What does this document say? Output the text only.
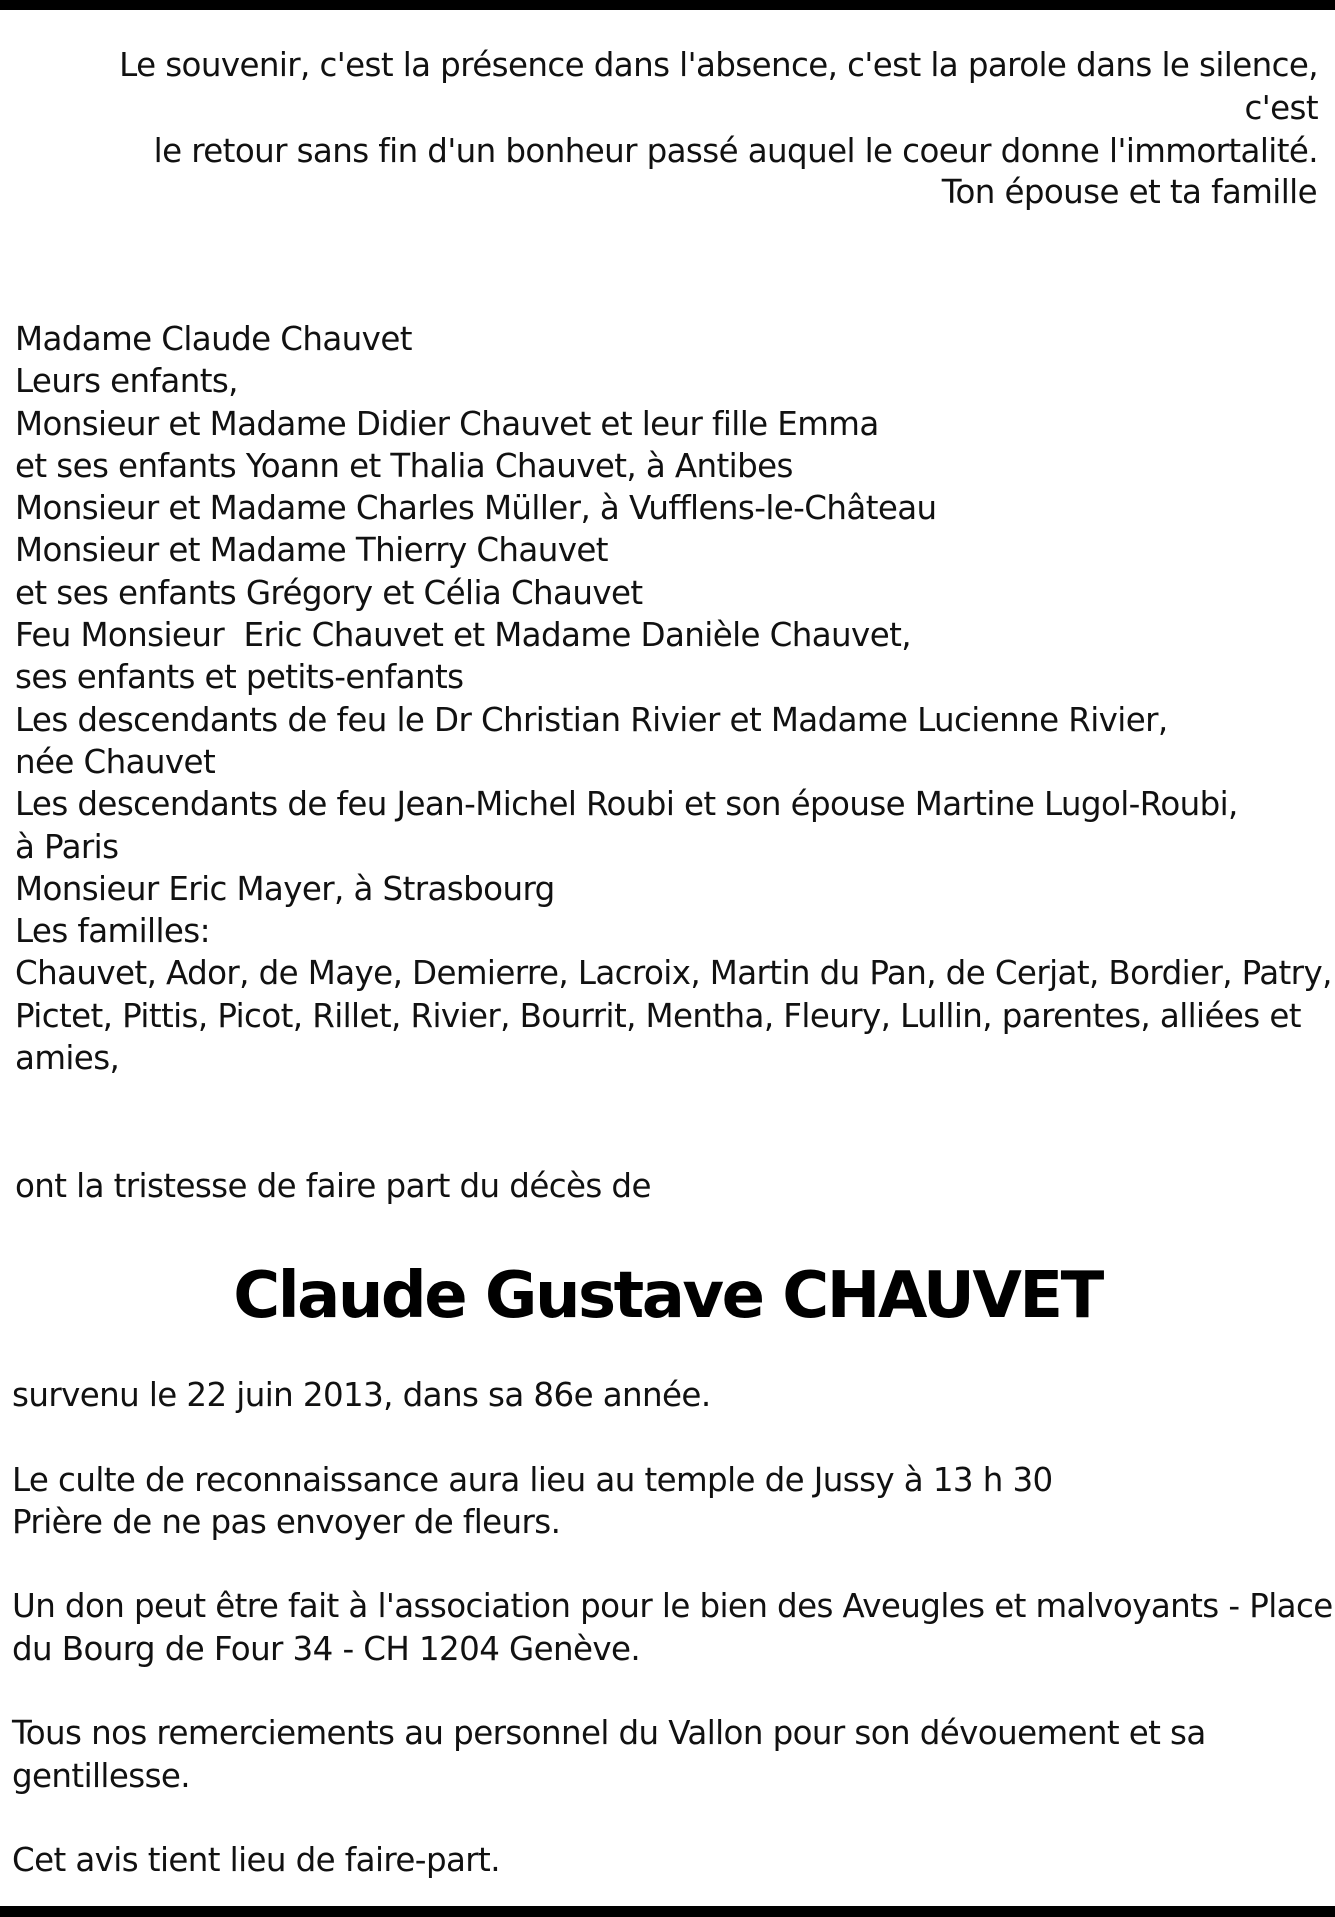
Le souvenir, c'est la présence dans l'absence, c'est la parole dans le silence, c'est
le retour sans fin d'un bonheur passé auquel le coeur donne l'immortalité.
Ton épouse et ta famille
Madame Claude Chauvet
Leurs enfants,
Monsieur et Madame Didier Chauvet et leur fille Emma
et ses enfants Yoann et Thalia Chauvet, à Antibes
Monsieur et Madame Charles Müller, à Vufflens-le-Château
Monsieur et Madame Thierry Chauvet
et ses enfants Grégory et Célia Chauvet
Feu Monsieur  Eric Chauvet et Madame Danièle Chauvet,
ses enfants et petits-enfants
Les descendants de feu le Dr Christian Rivier et Madame Lucienne Rivier,
née Chauvet
Les descendants de feu Jean-Michel Roubi et son épouse Martine Lugol-Roubi,
à Paris
Monsieur Eric Mayer, à Strasbourg
Les familles:
Chauvet, Ador, de Maye, Demierre, Lacroix, Martin du Pan, de Cerjat, Bordier, Patry,
Pictet, Pittis, Picot, Rillet, Rivier, Bourrit, Mentha, Fleury, Lullin, parentes, alliées et
amies,
ont la tristesse de faire part du décès de
Claude Gustave CHAUVET

survenu le 22 juin 2013, dans sa 86e année.

Le culte de reconnaissance aura lieu au temple de Jussy à 13 h 30

Prière de ne pas envoyer de fleurs.

Un don peut être fait à l'association pour le bien des Aveugles et malvoyants - Place

du Bourg de Four 34 - CH 1204 Genève.

Tous nos remerciements au personnel du Vallon pour son dévouement et sa

gentillesse.

Cet avis tient lieu de faire-part.
